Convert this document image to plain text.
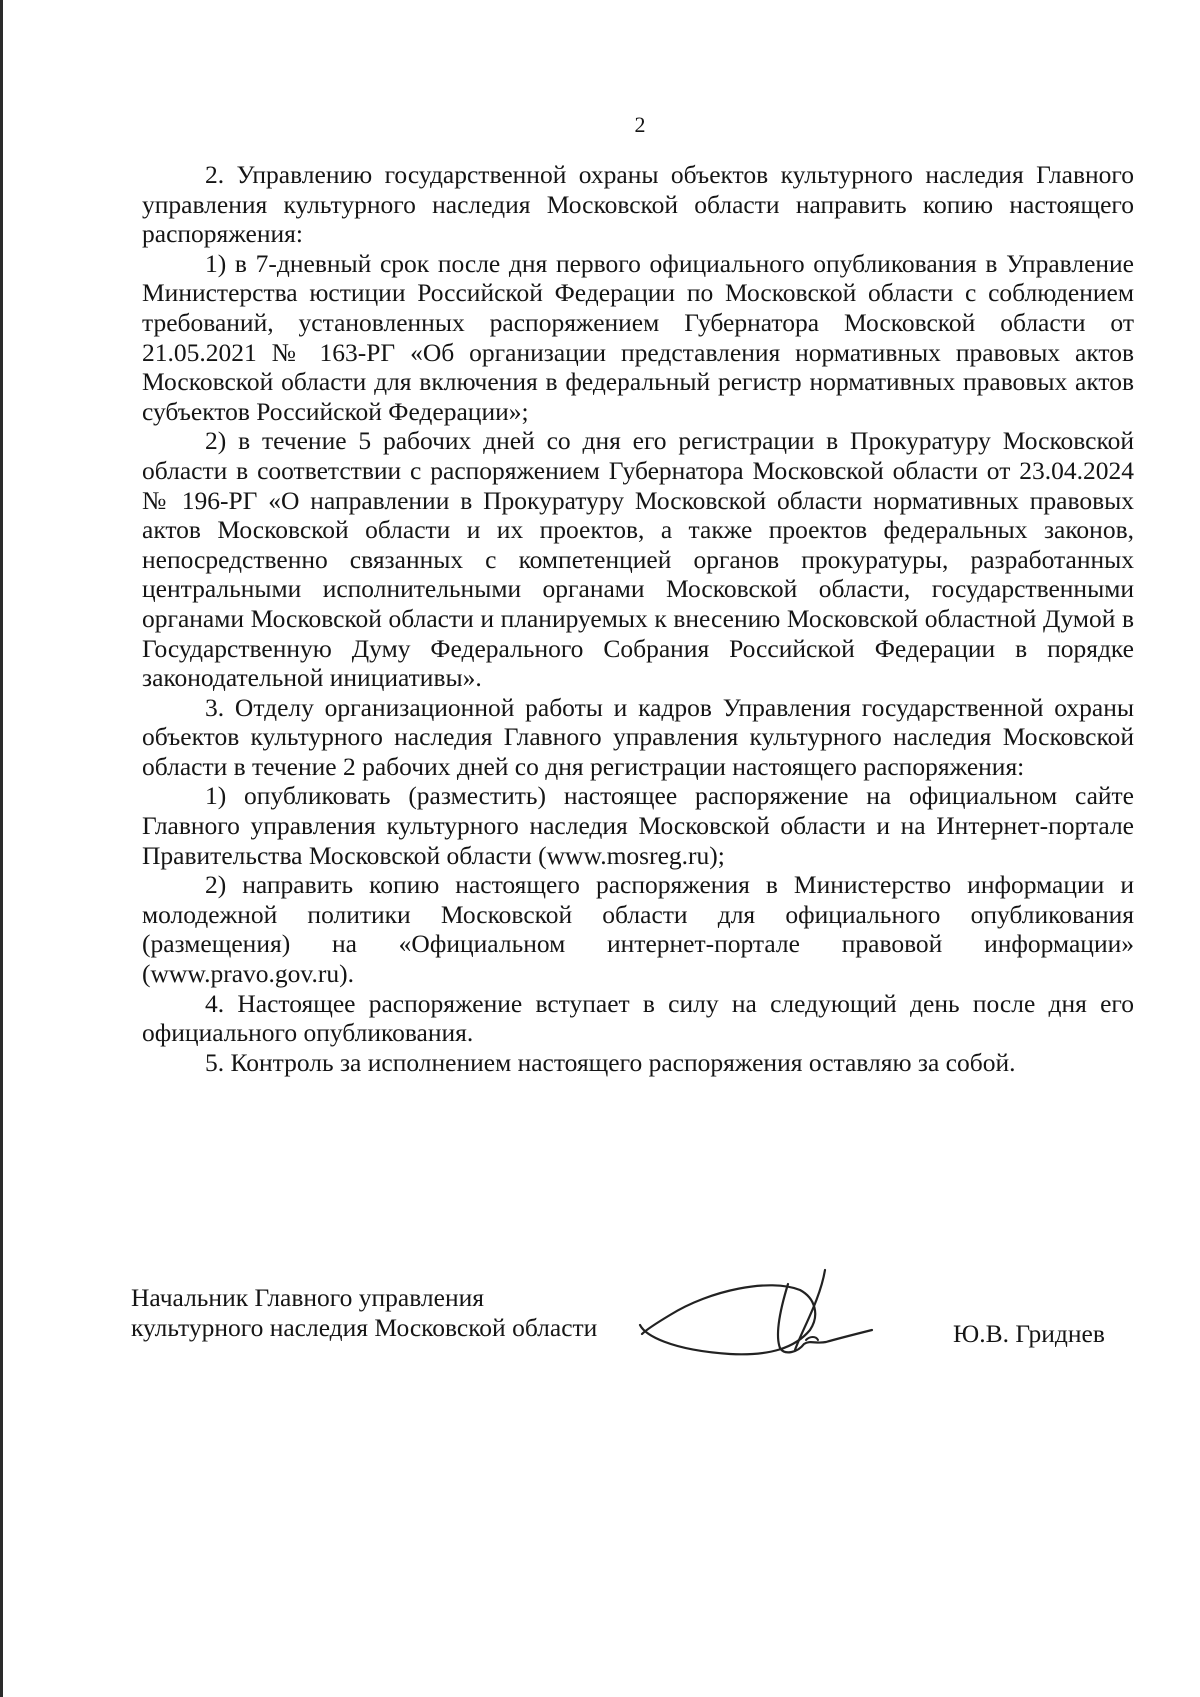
2

2. Управлению государственной охраны объектов культурного наследия Главного управления культурного наследия Московской области направить копию настоящего распоряжения:

1) в 7-дневный срок после дня первого официального опубликования в Управление Министерства юстиции Российской Федерации по Московской области с соблюдением требований, установленных распоряжением Губернатора Московской области от 21.05.2021 № 163-РГ «Об организации представления нормативных правовых актов Московской области для включения в федеральный регистр нормативных правовых актов субъектов Российской Федерации»;

2) в течение 5 рабочих дней со дня его регистрации в Прокуратуру Московской области в соответствии с распоряжением Губернатора Московской области от 23.04.2024 № 196-РГ «О направлении в Прокуратуру Московской области нормативных правовых актов Московской области и их проектов, а также проектов федеральных законов, непосредственно связанных с компетенцией органов прокуратуры, разработанных центральными исполнительными органами Московской области, государственными органами Московской области и планируемых к внесению Московской областной Думой в Государственную Думу Федерального Собрания Российской Федерации в порядке законодательной инициативы».

3. Отделу организационной работы и кадров Управления государственной охраны объектов культурного наследия Главного управления культурного наследия Московской области в течение 2 рабочих дней со дня регистрации настоящего распоряжения:

1) опубликовать (разместить) настоящее распоряжение на официальном сайте Главного управления культурного наследия Московской области и на Интернет-портале Правительства Московской области (www.mosreg.ru);

2) направить копию настоящего распоряжения в Министерство информации и молодежной политики Московской области для официального опубликования (размещения) на «Официальном интернет-портале правовой информации» (www.pravo.gov.ru).

4. Настоящее распоряжение вступает в силу на следующий день после дня его официального опубликования.

5. Контроль за исполнением настоящего распоряжения оставляю за собой.

Начальник Главного управления
культурного наследия Московской области	Ю.В. Гриднев
